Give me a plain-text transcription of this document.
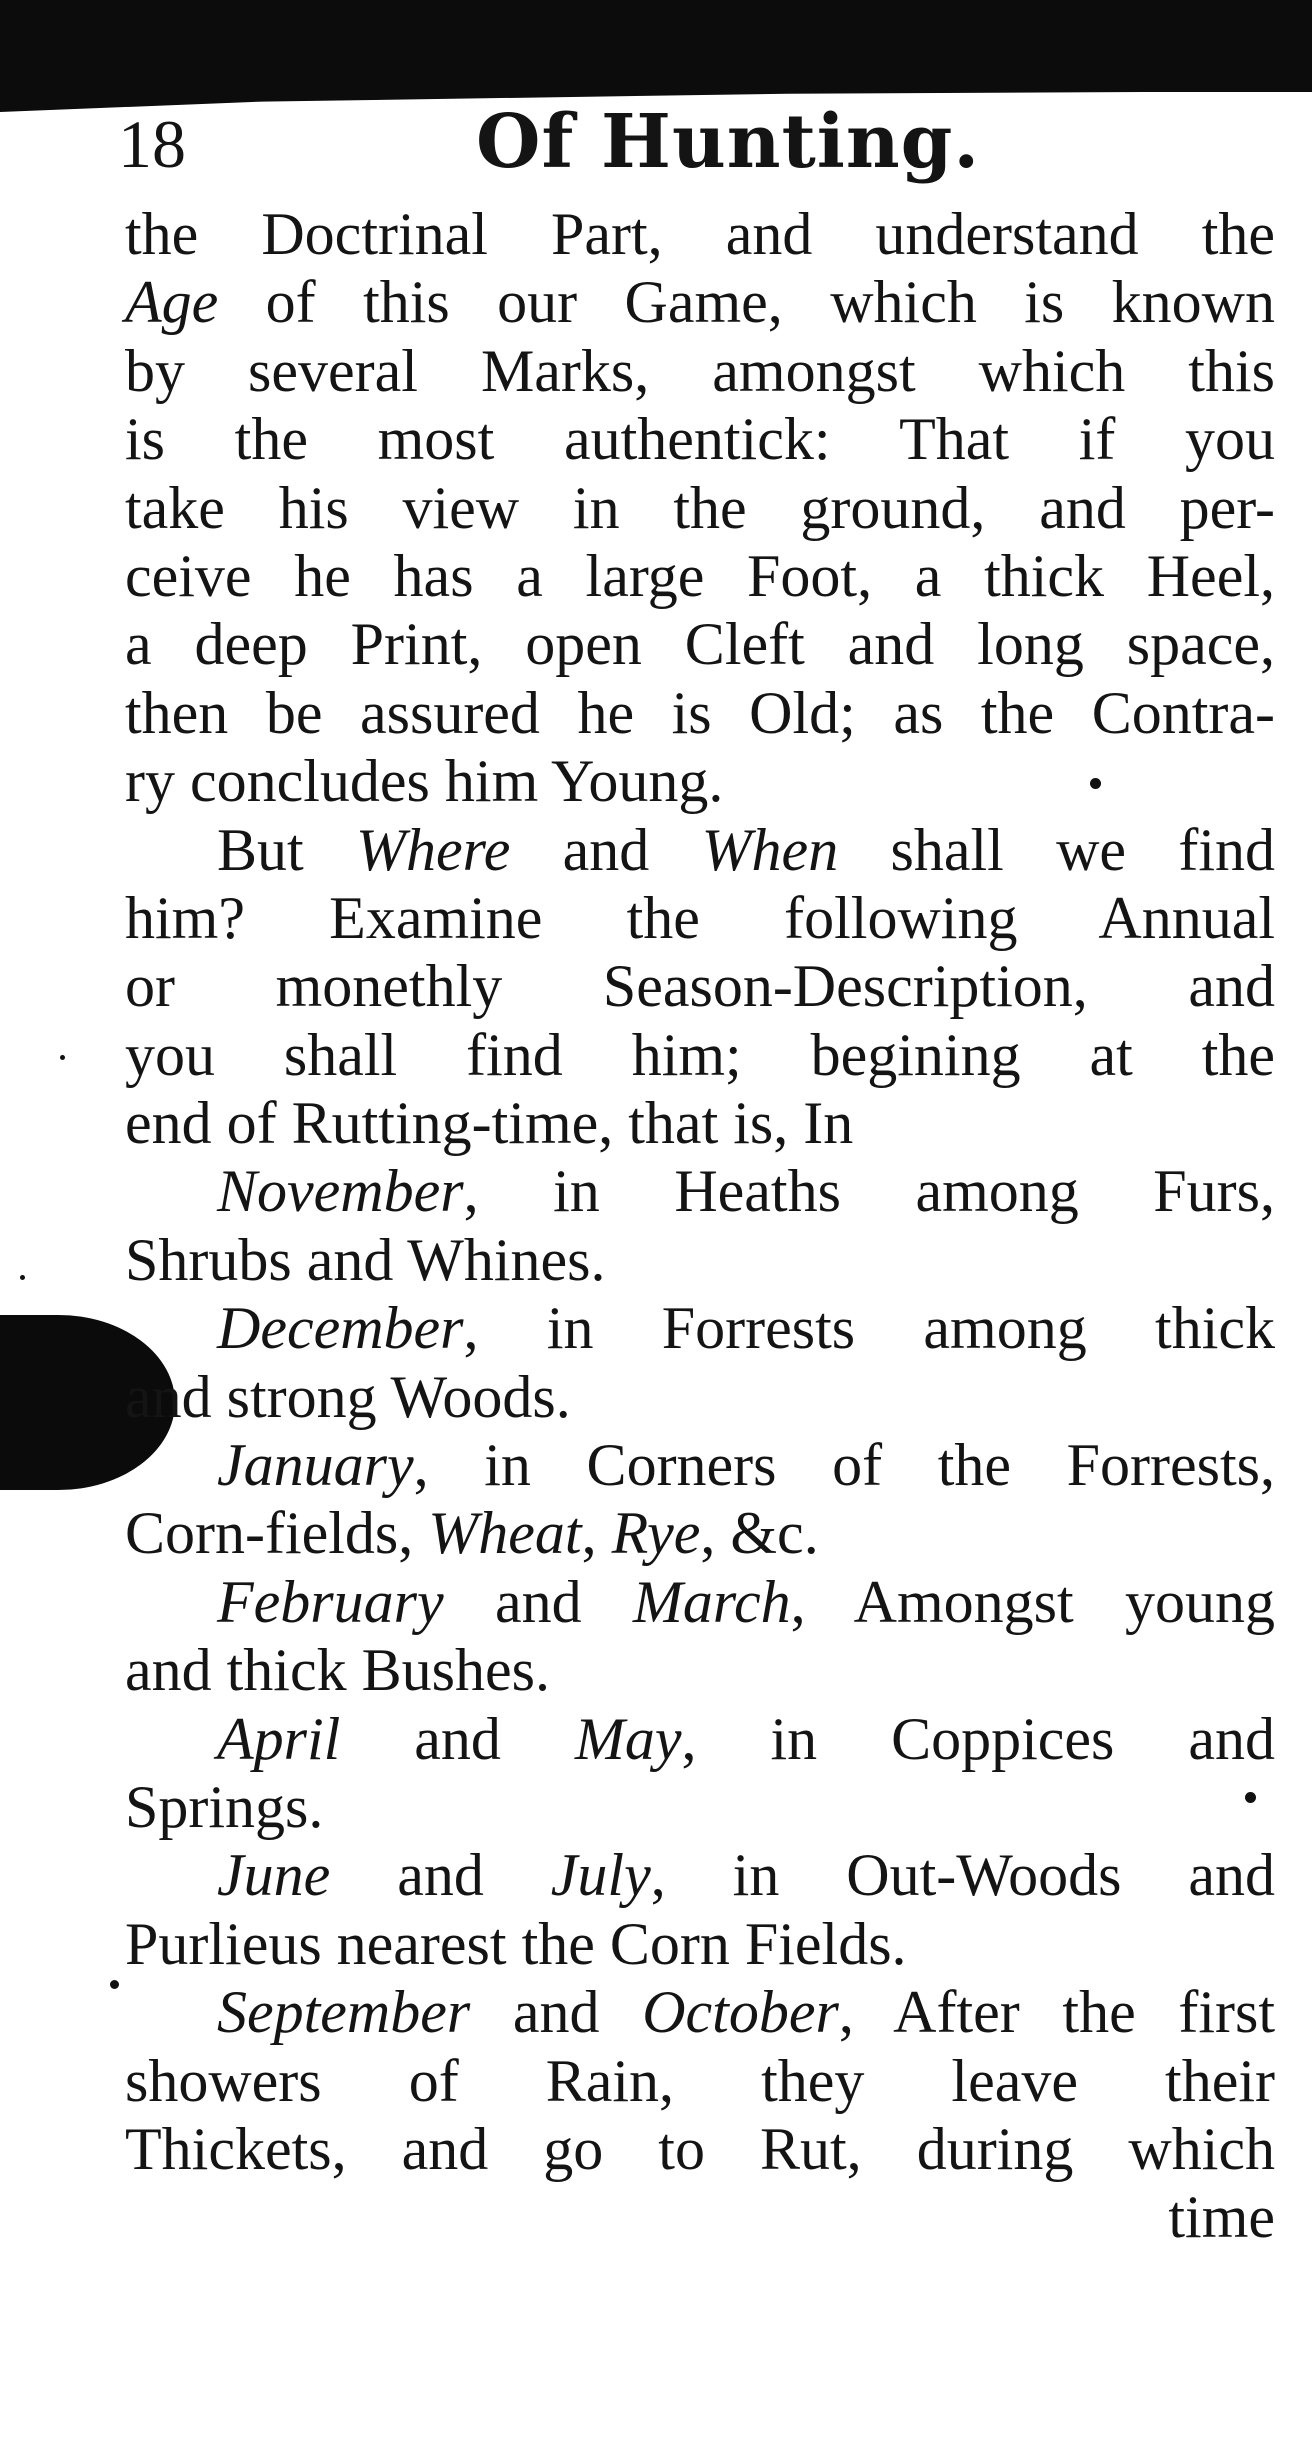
18	Of Hunting.
the Doctrinal Part, and understand the
Age of this our Game, which is known
by several Marks, amongst which this
is the most authentick: That if you
take his view in the ground, and per-
ceive he has a large Foot, a thick Heel,
a deep Print, open Cleft and long space,
then be assured he is Old; as the Contra-
ry concludes him Young.
But Where and When shall we find
him? Examine the following Annual
or monethly Season-Description, and
you shall find him; begining at the
end of Rutting-time, that is, In
November, in Heaths among Furs,
Shrubs and Whines.
December, in Forrests among thick
and strong Woods.
January, in Corners of the Forrests,
Corn-fields, Wheat, Rye, &c.
February and March, Amongst young
and thick Bushes.
April and May, in Coppices and
Springs.
June and July, in Out-Woods and
Purlieus nearest the Corn Fields.
September and October, After the first
showers of Rain, they leave their
Thickets, and go to Rut, during which
time
